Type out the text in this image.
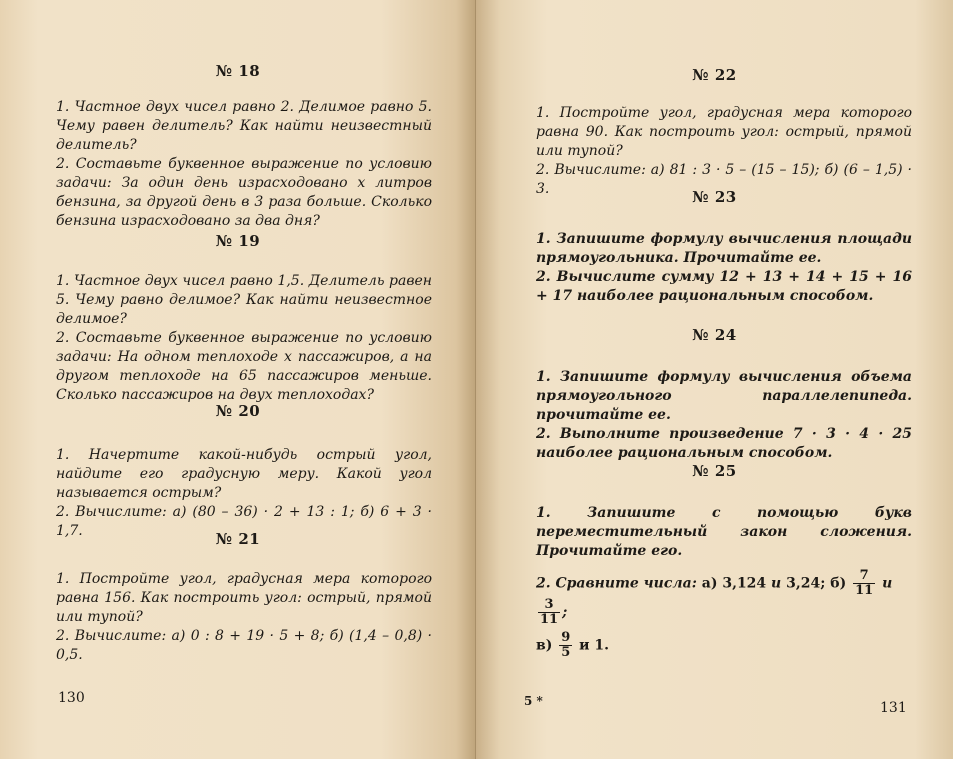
№ 18

1. Частное двух чисел равно 2. Делимое равно 5. Чему равен делитель? Как найти неизвестный делитель?

2. Составьте буквенное выражение по условию задачи: За один день израсходовано x литров бензина, за другой день в 3 раза больше. Сколько бензина израсходовано за два дня?

№ 19

1. Частное двух чисел равно 1,5. Делитель равен 5. Чему равно делимое? Как найти неизвестное делимое?

2. Составьте буквенное выражение по условию задачи: На одном теплоходе x пассажиров, а на другом теплоходе на 65 пассажиров меньше. Сколько пассажиров на двух теплоходах?

№ 20

1. Начертите какой-нибудь острый угол, найдите его градусную меру. Какой угол называется острым?

2. Вычислите: а) (80 – 36) · 2 + 13 : 1; б) 6 + 3 · 1,7.	№ 21

1. Постройте угол, градусная мера которого равна 156. Как построить угол: острый, прямой или тупой?

2. Вычислите: а) 0 : 8 + 19 · 5 + 8; б) (1,4 – 0,8) · 0,5.

130
№ 22

1. Постройте угол, градусная мера которого равна 90. Как построить угол: острый, прямой или тупой?

2. Вычислите: а) 81 : 3 · 5 – (15 – 15); б) (6 – 1,5) · 3.	№ 23

1. Запишите формулу вычисления площади прямоугольника. Прочитайте ее.

2. Вычислите сумму 12 + 13 + 14 + 15 + 16 + 17 наиболее рациональным способом.

№ 24

1. Запишите формулу вычисления объема прямоугольного параллелепипеда. прочитайте ее.

2. Выполните произведение 7 · 3 · 4 · 25 наиболее рациональным способом.

№ 25

1. Запишите с помощью букв переместительный закон сложения. Прочитайте его.

2. Сравните числа: а) 3,124 и 3,24; $б) \frac{7}{11}$ и
$\frac{3}{11}$ ;

$в) \frac{9}{5}$ и 1.

5 *	131
